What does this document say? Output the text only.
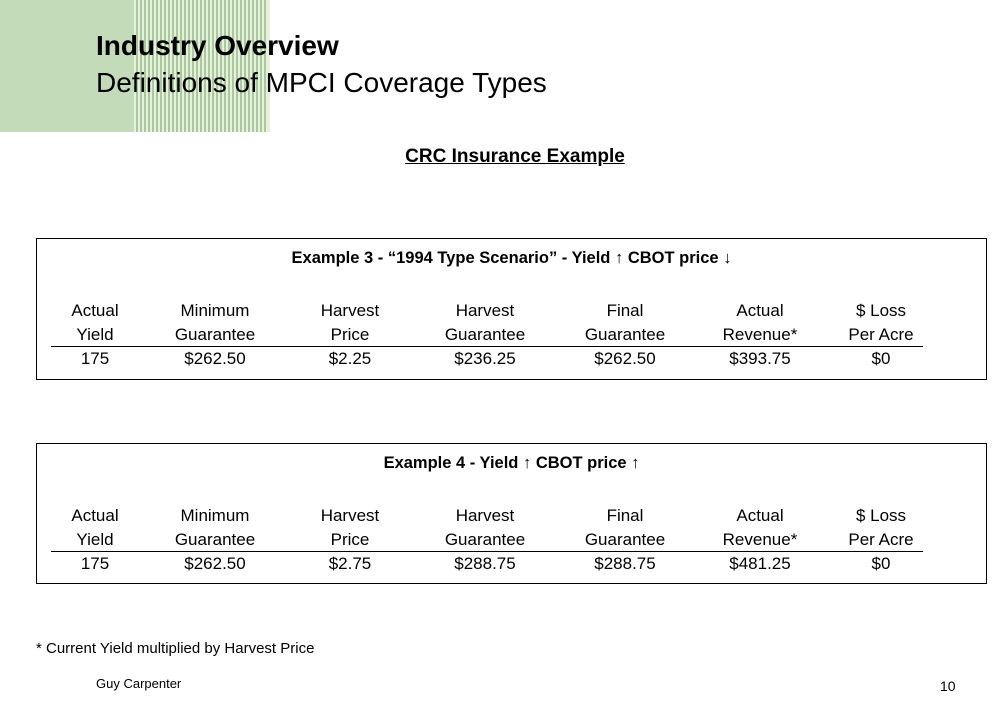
Industry Overview
Definitions of MPCI Coverage Types
CRC Insurance Example
Example 3 - “1994 Type Scenario” - Yield ↑ CBOT price ↓
Actual	Minimum	Harvest	Harvest	Final	Actual	$ Loss
Yield	Guarantee	Price	Guarantee	Guarantee	Revenue*	Per Acre
175	$262.50	$2.25	$236.25	$262.50	$393.75	$0
Example 4 - Yield ↑ CBOT price ↑
Actual	Minimum	Harvest	Harvest	Final	Actual	$ Loss
Yield	Guarantee	Price	Guarantee	Guarantee	Revenue*	Per Acre
175	$262.50	$2.75	$288.75	$288.75	$481.25	$0
* Current Yield multiplied by Harvest Price
Guy Carpenter	10
